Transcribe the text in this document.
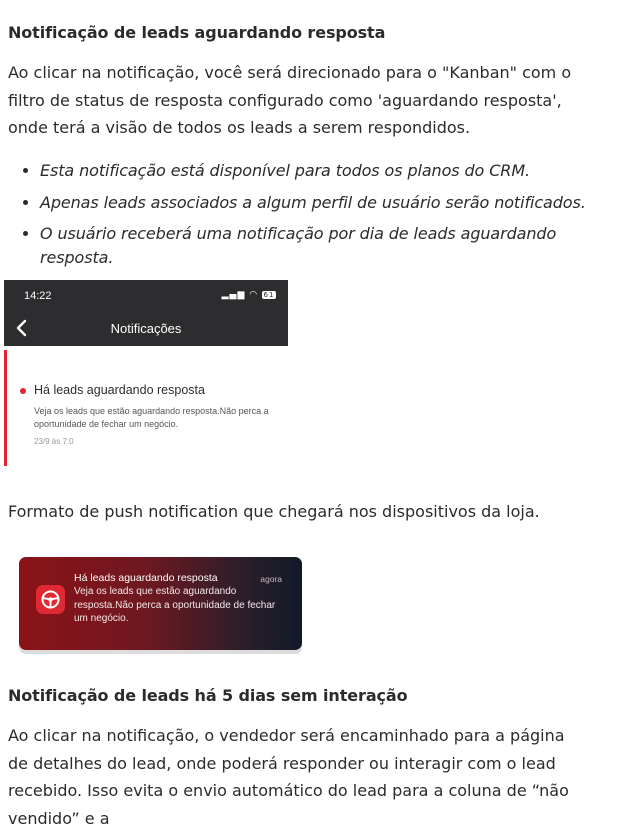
Notificação de leads aguardando resposta

Ao clicar na notificação, você será direcionado para o "Kanban" com o filtro de status de resposta configurado como 'aguardando resposta', onde terá a visão de todos os leads a serem respondidos.

• Esta notificação está disponível para todos os planos do CRM.
• Apenas leads associados a algum perfil de usuário serão notificados.
• O usuário receberá uma notificação por dia de leads aguardando resposta.
14:22	▂▄▆ ◠ 61
Notificações
Há leads aguardando resposta
Veja os leads que estão aguardando resposta.Não perca a oportunidade de fechar um negócio.
23/9 às 7:0

Formato de push notification que chegará nos dispositivos da loja.

Há leads aguardando resposta	agora
Veja os leads que estão aguardando resposta.Não perca a oportunidade de fechar um negócio.
Notificação de leads há 5 dias sem interação

Ao clicar na notificação, o vendedor será encaminhado para a página de detalhes do lead, onde poderá responder ou interagir com o lead recebido. Isso evita o envio automático do lead para a coluna de “não vendido” e a
